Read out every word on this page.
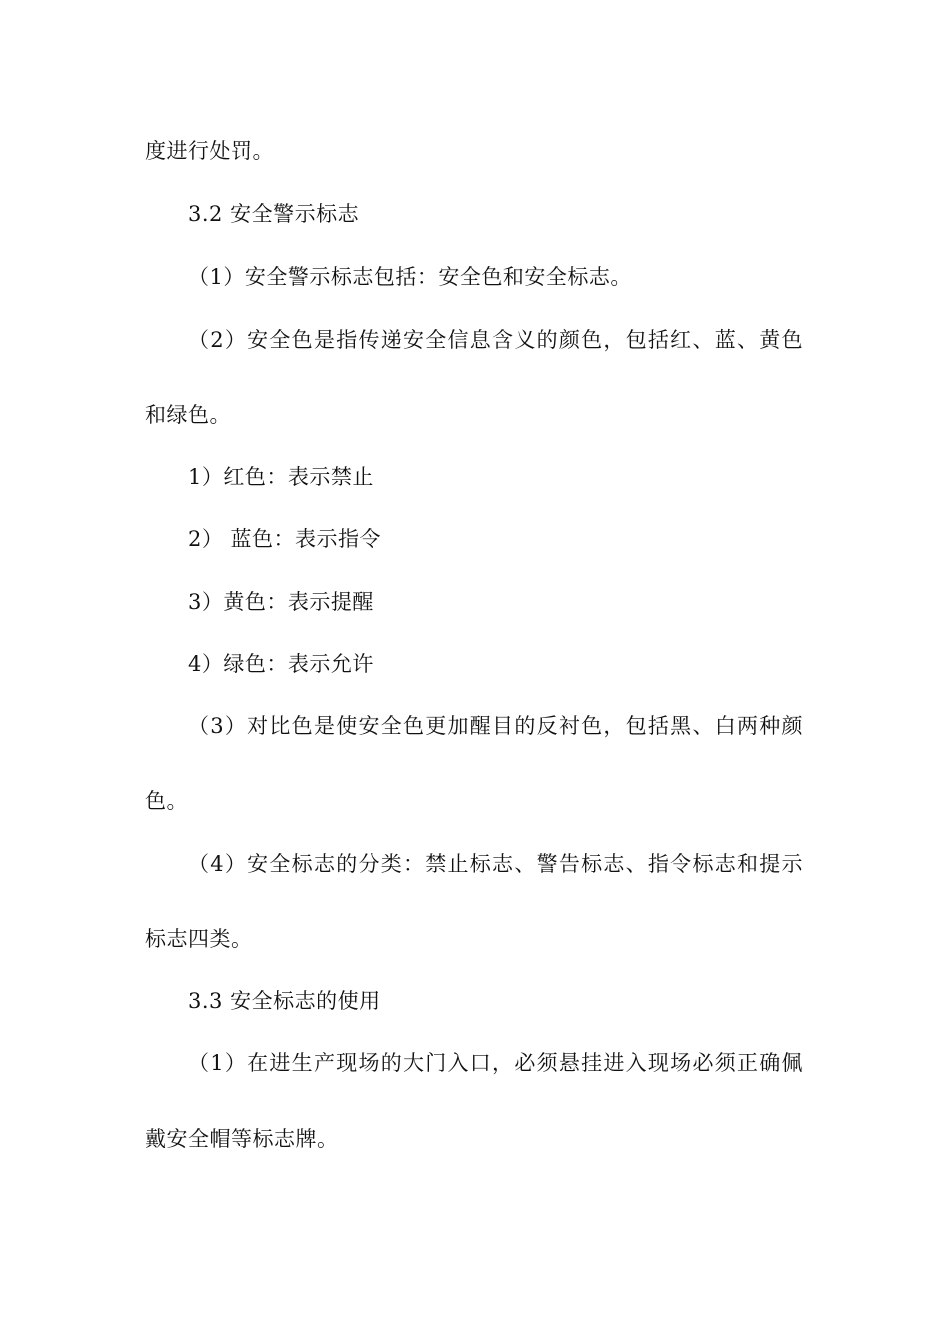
度进行处罚。

3.2 安全警示标志

（1）安全警示标志包括：安全色和安全标志。

（2）安全色是指传递安全信息含义的颜色，包括红、蓝、黄色

和绿色。

1）红色：表示禁止

2） 蓝色：表示指令

3）黄色：表示提醒

4）绿色：表示允许

（3）对比色是使安全色更加醒目的反衬色，包括黑、白两种颜

色。

（4）安全标志的分类：禁止标志、警告标志、指令标志和提示

标志四类。

3.3 安全标志的使用

（1）在进生产现场的大门入口，必须悬挂进入现场必须正确佩

戴安全帽等标志牌。
